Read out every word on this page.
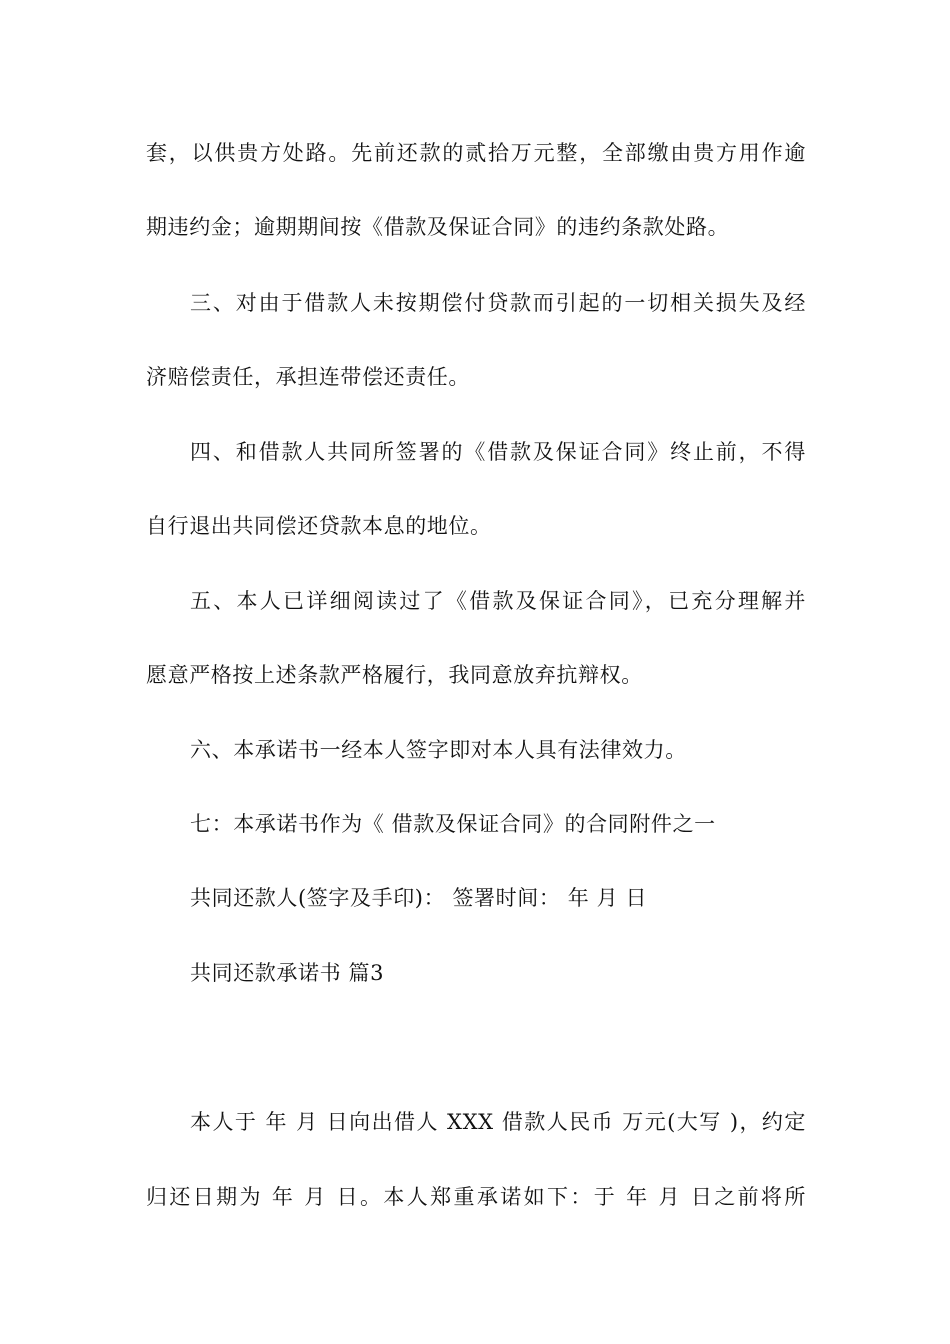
套，以供贵方处路。先前还款的贰拾万元整，全部缴由贵方用作逾
期违约金；逾期期间按《借款及保证合同》的违约条款处路。
三、对由于借款人未按期偿付贷款而引起的一切相关损失及经
济赔偿责任，承担连带偿还责任。
四、和借款人共同所签署的《借款及保证合同》终止前，不得
自行退出共同偿还贷款本息的地位。
五、本人已详细阅读过了《借款及保证合同》，已充分理解并
愿意严格按上述条款严格履行，我同意放弃抗辩权。
六、本承诺书一经本人签字即对本人具有法律效力。
七：本承诺书作为《 借款及保证合同》的合同附件之一
共同还款人(签字及手印)： 签署时间： 年 月 日
共同还款承诺书 篇3
本人于 年 月 日向出借人 XXX 借款人民币 万元(大写 )，约定
归还日期为 年 月 日。本人郑重承诺如下：于 年 月 日之前将所
